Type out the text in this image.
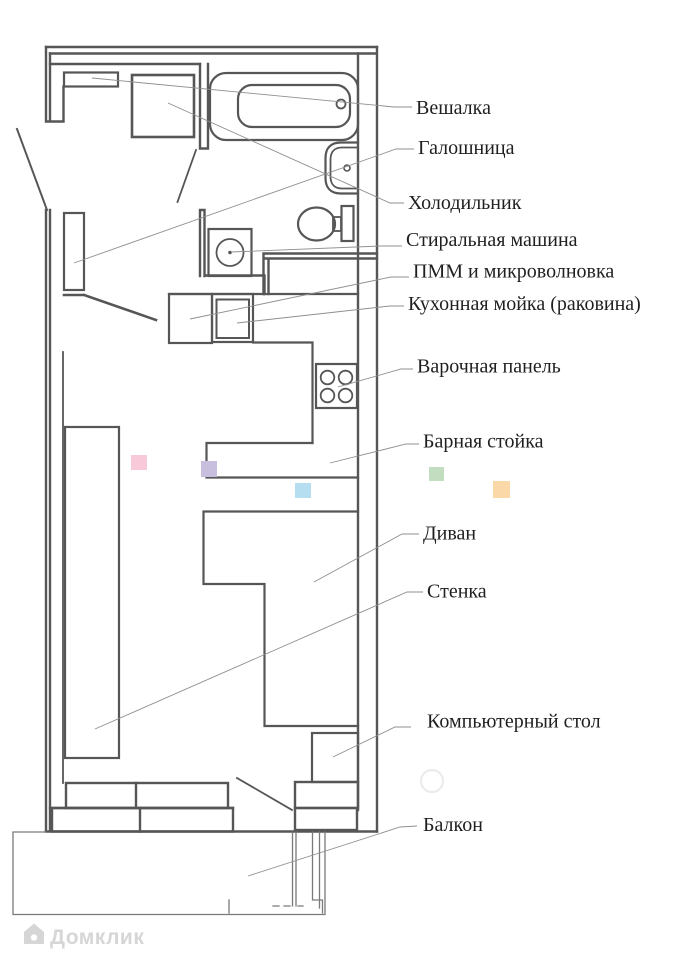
Вешалка
Галошница
Холодильник
Стиральная машина
ПММ и микроволновка
Кухонная мойка (раковина)
Варочная панель
Барная стойка
Диван
Стенка
Компьютерный стол
Балкон
Домклик
